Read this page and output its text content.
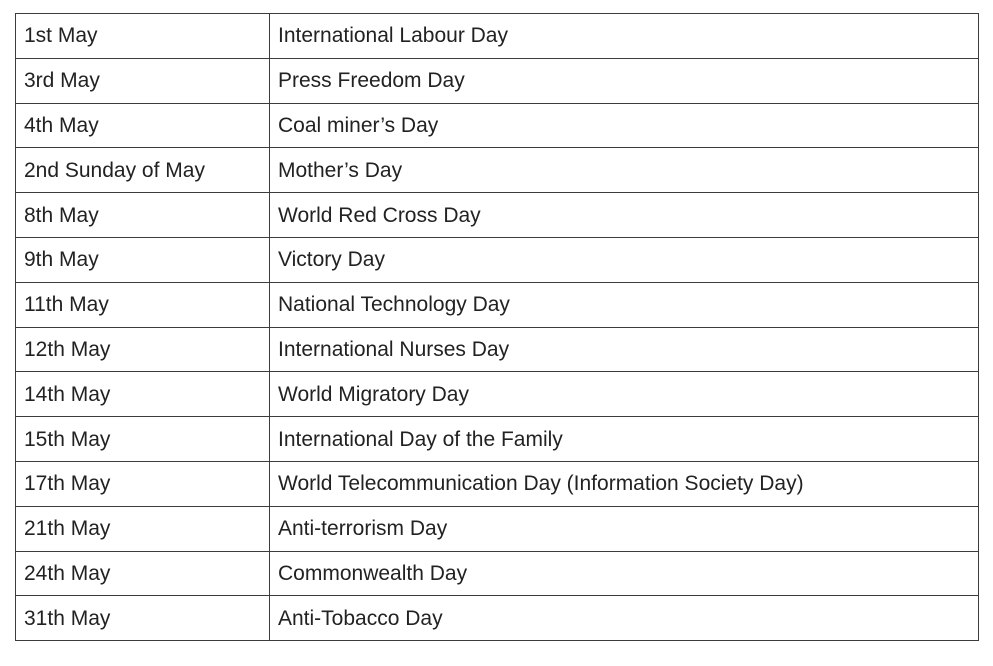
1st May	International Labour Day
3rd May	Press Freedom Day
4th May	Coal miner’s Day
2nd Sunday of May	Mother’s Day
8th May	World Red Cross Day
9th May	Victory Day
11th May	National Technology Day
12th May	International Nurses Day
14th May	World Migratory Day
15th May	International Day of the Family
17th May	World Telecommunication Day (Information Society Day)
21th May	Anti-terrorism Day
24th May	Commonwealth Day
31th May	Anti-Tobacco Day
